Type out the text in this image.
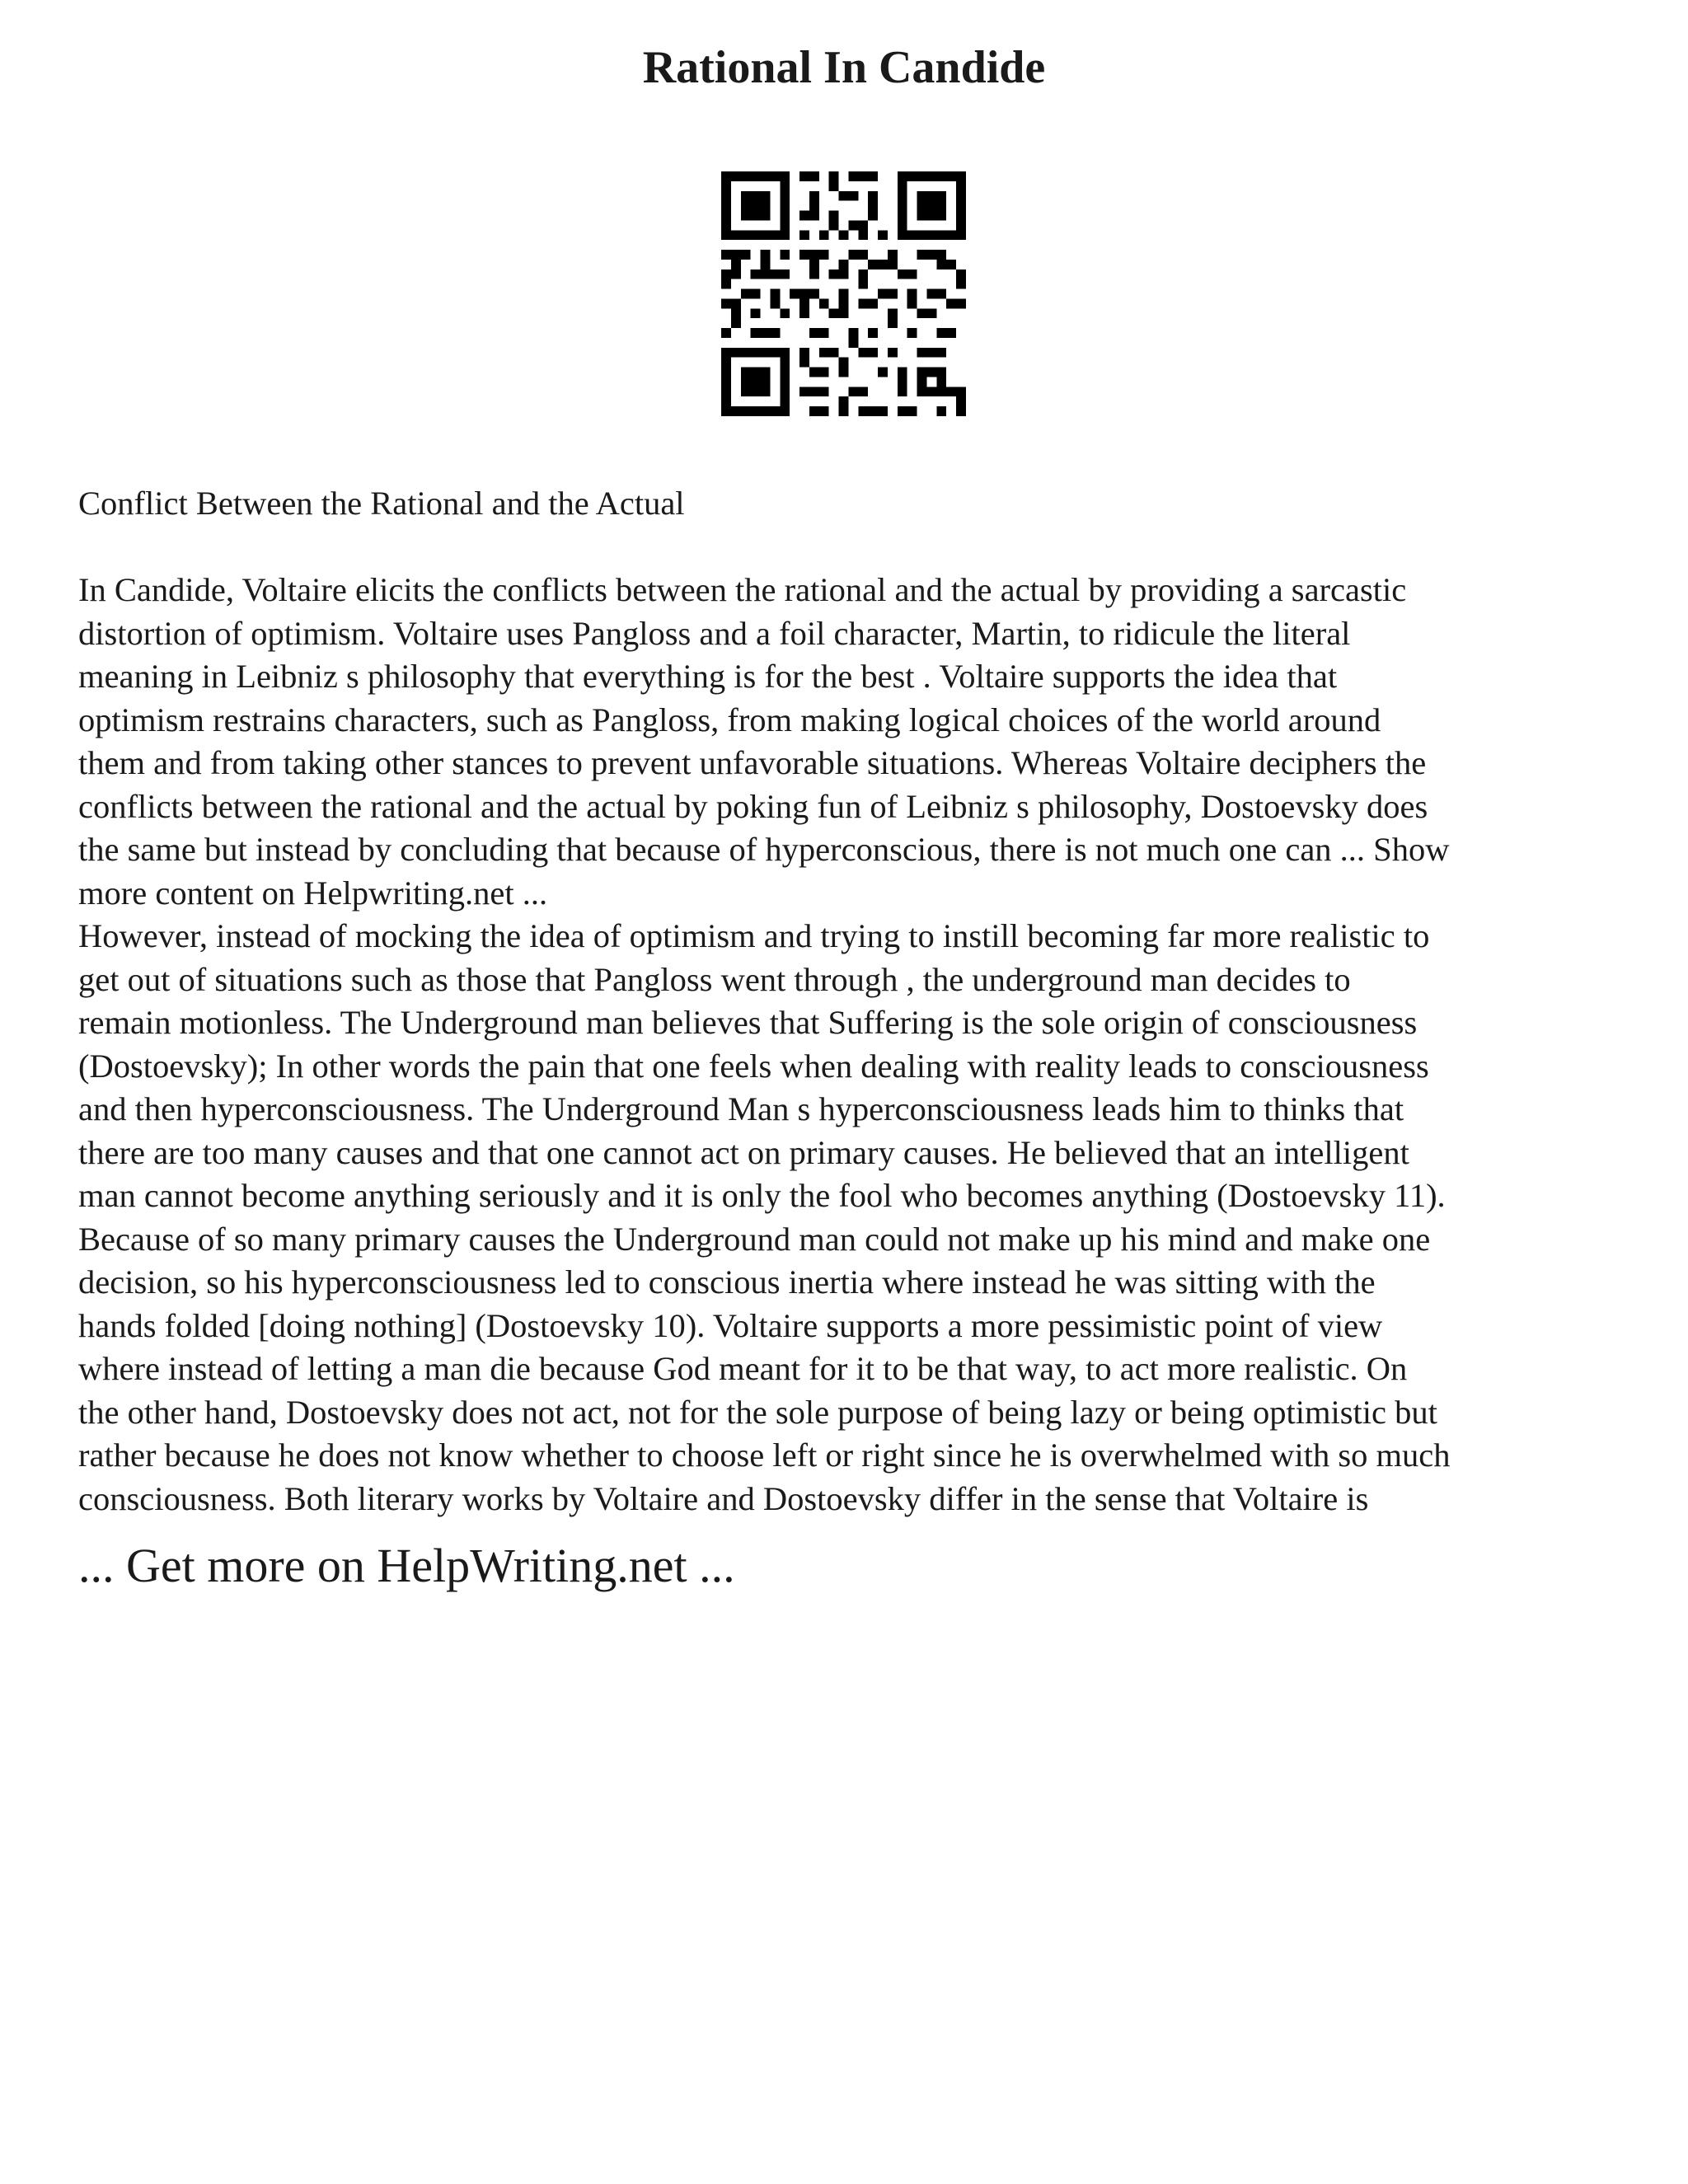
Rational In Candide

Conflict Between the Rational and the Actual

In Candide, Voltaire elicits the conflicts between the rational and the actual by providing a sarcastic
distortion of optimism. Voltaire uses Pangloss and a foil character, Martin, to ridicule the literal
meaning in Leibniz s philosophy that everything is for the best . Voltaire supports the idea that
optimism restrains characters, such as Pangloss, from making logical choices of the world around
them and from taking other stances to prevent unfavorable situations. Whereas Voltaire deciphers the
conflicts between the rational and the actual by poking fun of Leibniz s philosophy, Dostoevsky does
the same but instead by concluding that because of hyperconscious, there is not much one can ... Show
more content on Helpwriting.net ...

However, instead of mocking the idea of optimism and trying to instill becoming far more realistic to
get out of situations such as those that Pangloss went through , the underground man decides to
remain motionless. The Underground man believes that Suffering is the sole origin of consciousness
(Dostoevsky); In other words the pain that one feels when dealing with reality leads to consciousness
and then hyperconsciousness. The Underground Man s hyperconsciousness leads him to thinks that
there are too many causes and that one cannot act on primary causes. He believed that an intelligent
man cannot become anything seriously and it is only the fool who becomes anything (Dostoevsky 11).
Because of so many primary causes the Underground man could not make up his mind and make one
decision, so his hyperconsciousness led to conscious inertia where instead he was sitting with the
hands folded [doing nothing] (Dostoevsky 10). Voltaire supports a more pessimistic point of view
where instead of letting a man die because God meant for it to be that way, to act more realistic. On
the other hand, Dostoevsky does not act, not for the sole purpose of being lazy or being optimistic but
rather because he does not know whether to choose left or right since he is overwhelmed with so much
consciousness. Both literary works by Voltaire and Dostoevsky differ in the sense that Voltaire is

... Get more on HelpWriting.net ...
